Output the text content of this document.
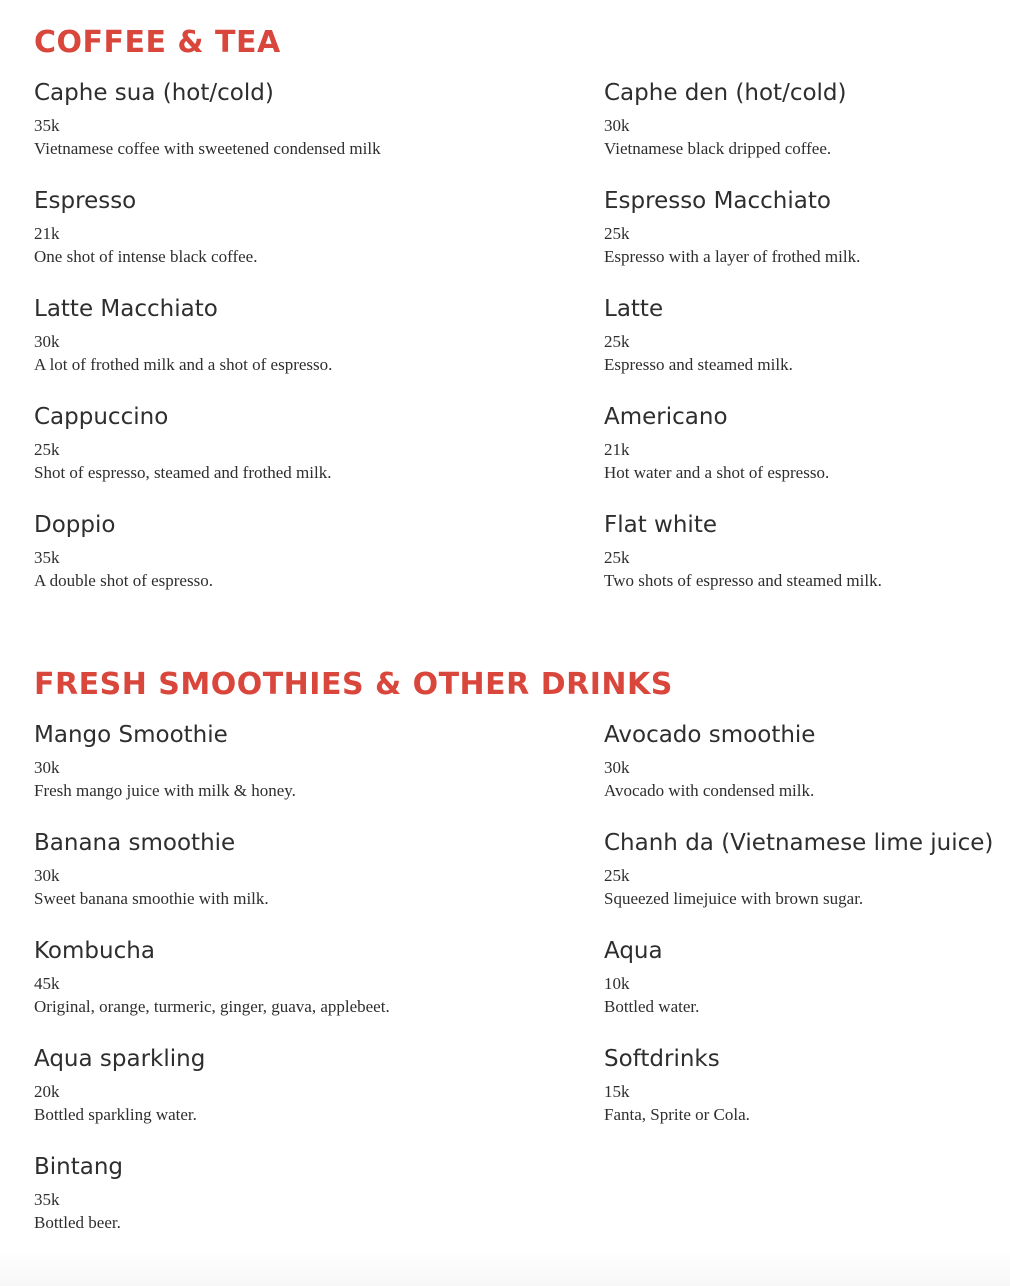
COFFEE & TEA
Caphe sua (hot/cold)
35k
Vietnamese coffee with sweetened condensed milk
Caphe den (hot/cold)
30k
Vietnamese black dripped coffee.
Espresso
21k
One shot of intense black coffee.
Espresso Macchiato
25k
Espresso with a layer of frothed milk.
Latte Macchiato
30k
A lot of frothed milk and a shot of espresso.
Latte
25k
Espresso and steamed milk.
Cappuccino
25k
Shot of espresso, steamed and frothed milk.
Americano
21k
Hot water and a shot of espresso.
Doppio
35k
A double shot of espresso.
Flat white
25k
Two shots of espresso and steamed milk.
FRESH SMOOTHIES & OTHER DRINKS
Mango Smoothie
30k
Fresh mango juice with milk & honey.
Avocado smoothie
30k
Avocado with condensed milk.
Banana smoothie
30k
Sweet banana smoothie with milk.
Chanh da (Vietnamese lime juice)
25k
Squeezed limejuice with brown sugar.
Kombucha
45k
Original, orange, turmeric, ginger, guava, applebeet.
Aqua
10k
Bottled water.
Aqua sparkling
20k
Bottled sparkling water.
Softdrinks
15k
Fanta, Sprite or Cola.
Bintang
35k
Bottled beer.
